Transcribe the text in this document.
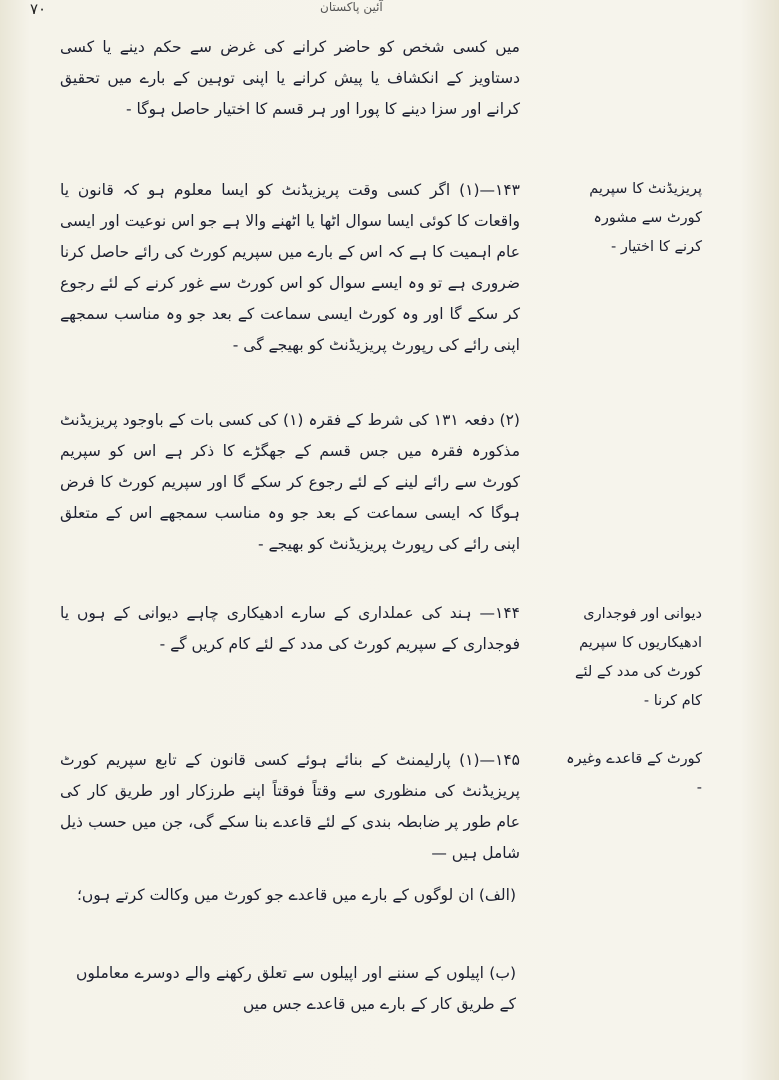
۷۰	آئین پاکستان
میں کسی شخص کو حاضر کرانے کی غرض سے حکم دینے یا کسی دستاویز کے انکشاف یا پیش کرانے یا اپنی توہین کے بارے میں تحقیق کرانے اور سزا دینے کا پورا اور ہر قسم کا اختیار حاصل ہوگا -
۱۴۳—(۱) اگر کسی وقت پریزیڈنٹ کو ایسا معلوم ہو کہ قانون یا واقعات کا کوئی ایسا سوال اٹھا یا اٹھنے والا ہے جو اس نوعیت اور ایسی عام اہمیت کا ہے کہ اس کے بارے میں سپریم کورٹ کی رائے حاصل کرنا ضروری ہے تو وہ ایسے سوال کو اس کورٹ سے غور کرنے کے لئے رجوع کر سکے گا اور وہ کورٹ ایسی سماعت کے بعد جو وہ مناسب سمجھے اپنی رائے کی رپورٹ پریزیڈنٹ کو بھیجے گی -
(۲) دفعہ ۱۳۱ کی شرط کے فقرہ (۱) کی کسی بات کے باوجود پریزیڈنٹ مذکورہ فقرہ میں جس قسم کے جھگڑے کا ذکر ہے اس کو سپریم کورٹ سے رائے لینے کے لئے رجوع کر سکے گا اور سپریم کورٹ کا فرض ہوگا کہ ایسی سماعت کے بعد جو وہ مناسب سمجھے اس کے متعلق اپنی رائے کی رپورٹ پریزیڈنٹ کو بھیجے -
۱۴۴— ہند کی عملداری کے سارے ادھیکاری چاہے دیوانی کے ہوں یا فوجداری کے سپریم کورٹ کی مدد کے لئے کام کریں گے -
۱۴۵—(۱) پارلیمنٹ کے بنائے ہوئے کسی قانون کے تابع سپریم کورٹ پریزیڈنٹ کی منظوری سے وقتاً فوقتاً اپنے طرزکار اور طریق کار کی عام طور پر ضابطہ بندی کے لئے قاعدے بنا سکے گی، جن میں حسب ذیل شامل ہیں —
(الف) ان لوگوں کے بارے میں قاعدے جو کورٹ میں وکالت کرتے ہوں؛
(ب) اپیلوں کے سننے اور اپیلوں سے تعلق رکھنے والے دوسرے معاملوں کے طریق کار کے بارے میں قاعدے جس میں
پریزیڈنٹ کا سپریم کورٹ سے مشورہ کرنے کا اختیار -
دیوانی اور فوجداری ادھیکاریوں کا سپریم کورٹ کی مدد کے لئے کام کرنا -
کورٹ کے قاعدے وغیرہ -
